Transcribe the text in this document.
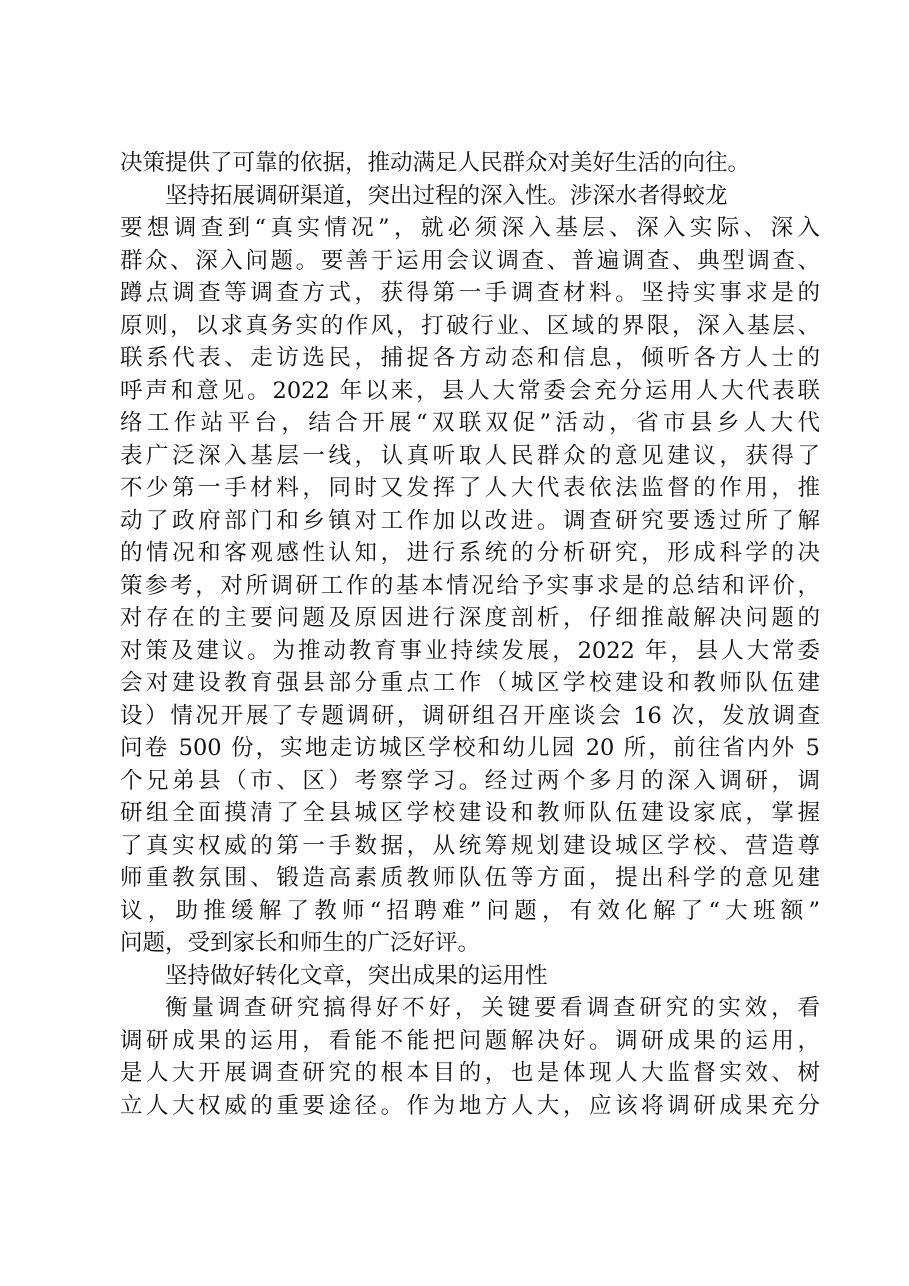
决策提供了可靠的依据，推动满足人民群众对美好生活的向往。
坚持拓展调研渠道，突出过程的深入性。涉深水者得蛟龙
要想调查到“真实情况”，就必须深入基层、深入实际、深入
群众、深入问题。要善于运用会议调查、普遍调查、典型调查、
蹲点调查等调查方式，获得第一手调查材料。坚持实事求是的
原则，以求真务实的作风，打破行业、区域的界限，深入基层、
联系代表、走访选民，捕捉各方动态和信息，倾听各方人士的
呼声和意见。2022 年以来，县人大常委会充分运用人大代表联
络工作站平台，结合开展“双联双促”活动，省市县乡人大代
表广泛深入基层一线，认真听取人民群众的意见建议，获得了
不少第一手材料，同时又发挥了人大代表依法监督的作用，推
动了政府部门和乡镇对工作加以改进。调查研究要透过所了解
的情况和客观感性认知，进行系统的分析研究，形成科学的决
策参考，对所调研工作的基本情况给予实事求是的总结和评价，
对存在的主要问题及原因进行深度剖析，仔细推敲解决问题的
对策及建议。为推动教育事业持续发展，2022 年，县人大常委
会对建设教育强县部分重点工作（城区学校建设和教师队伍建
设）情况开展了专题调研，调研组召开座谈会 16 次，发放调查
问卷 500 份，实地走访城区学校和幼儿园 20 所，前往省内外 5
个兄弟县（市、区）考察学习。经过两个多月的深入调研，调
研组全面摸清了全县城区学校建设和教师队伍建设家底，掌握
了真实权威的第一手数据，从统筹规划建设城区学校、营造尊
师重教氛围、锻造高素质教师队伍等方面，提出科学的意见建
议，助推缓解了教师“招聘难”问题，有效化解了“大班额”
问题，受到家长和师生的广泛好评。
坚持做好转化文章，突出成果的运用性
衡量调查研究搞得好不好，关键要看调查研究的实效，看
调研成果的运用，看能不能把问题解决好。调研成果的运用，
是人大开展调查研究的根本目的，也是体现人大监督实效、树
立人大权威的重要途径。作为地方人大，应该将调研成果充分
